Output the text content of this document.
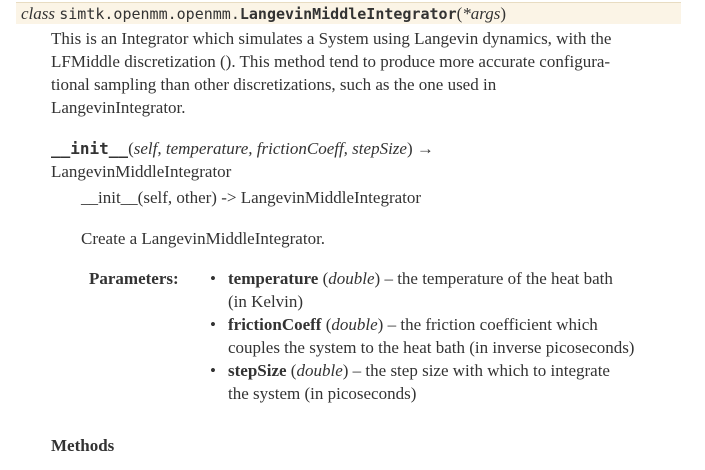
class simtk.openmm.openmm.LangevinMiddleIntegrator(*args)
This is an Integrator which simulates a System using Langevin dynamics, with the
LFMiddle discretization (). This method tend to produce more accurate configura-
tional sampling than other discretizations, such as the one used in
LangevinIntegrator.
__init__(self, temperature, frictionCoeff, stepSize) →
LangevinMiddleIntegrator
__init__(self, other) -> LangevinMiddleIntegrator
Create a LangevinMiddleIntegrator.
Parameters: • temperature (double) – the temperature of the heat bath
(in Kelvin)
• frictionCoeff (double) – the friction coefficient which
couples the system to the heat bath (in inverse picoseconds)
• stepSize (double) – the step size with which to integrate
the system (in picoseconds)
Methods
